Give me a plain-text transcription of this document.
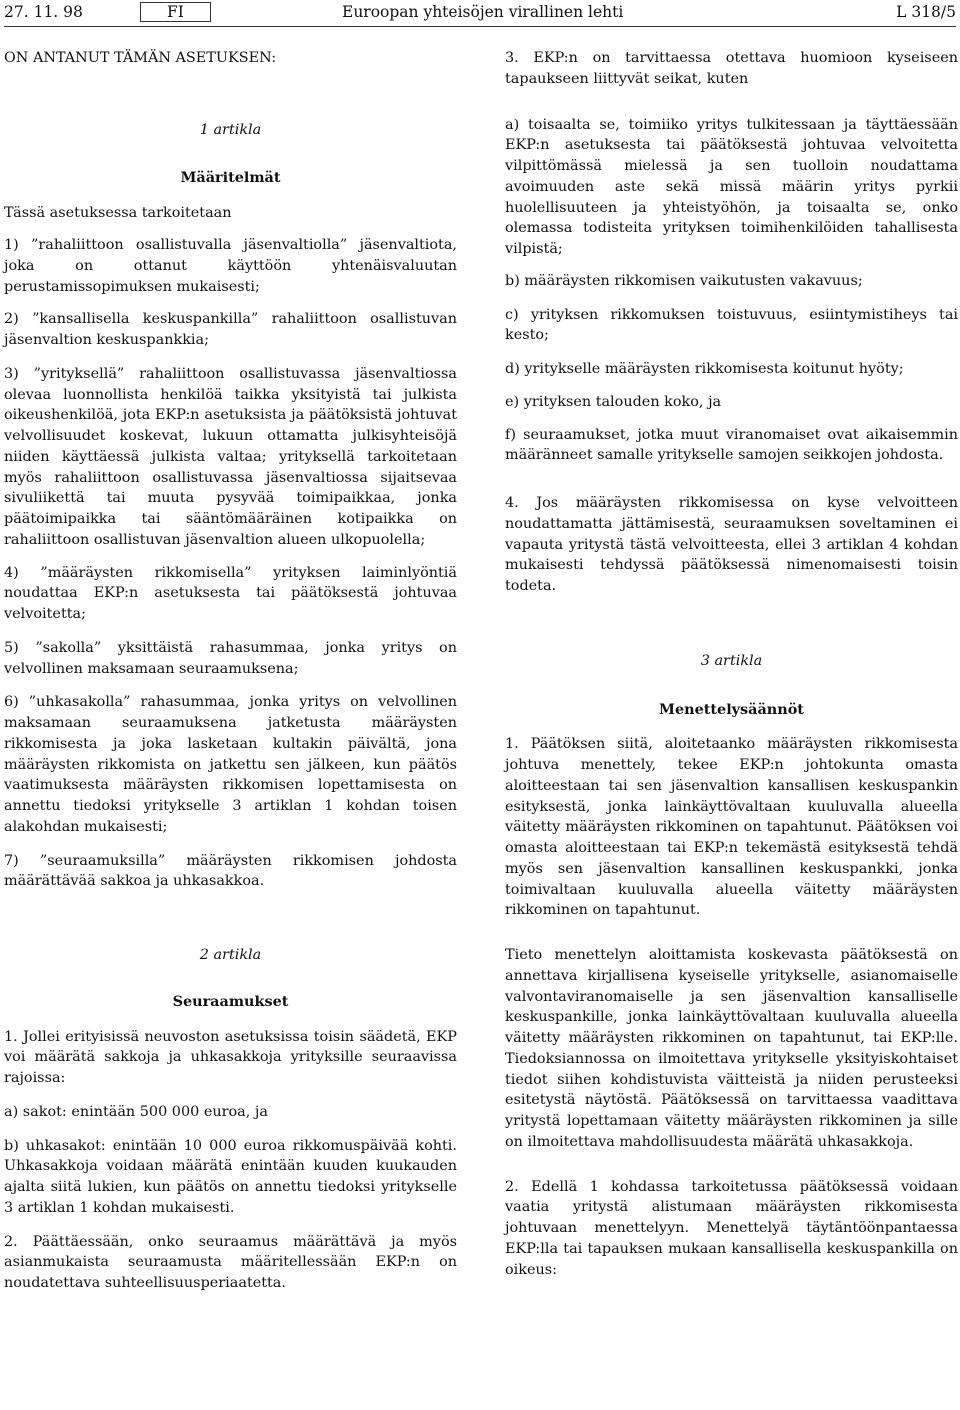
27. 11. 98	FI	Euroopan yhteisöjen virallinen lehti	L 318/5

ON ANTANUT TÄMÄN ASETUKSEN:

1 artikla

Määritelmät

Tässä asetuksessa tarkoitetaan

1) ”rahaliittoon osallistuvalla jäsenvaltiolla” jäsenvaltiota, joka on ottanut käyttöön yhtenäisvaluutan perustamissopimuksen mukaisesti;

2) ”kansallisella keskuspankilla” rahaliittoon osallistuvan jäsenvaltion keskuspankkia;

3) ”yrityksellä” rahaliittoon osallistuvassa jäsenvaltiossa olevaa luonnollista henkilöä taikka yksityistä tai julkista oikeushenkilöä, jota EKP:n asetuksista ja päätöksistä johtuvat velvollisuudet koskevat, lukuun ottamatta julkisyhteisöjä niiden käyttäessä julkista valtaa; yrityksellä tarkoitetaan myös rahaliittoon osallistuvassa jäsenvaltiossa sijaitsevaa sivuliikettä tai muuta pysyvää toimipaikkaa, jonka päätoimipaikka tai sääntömääräinen kotipaikka on rahaliittoon osallistuvan jäsenvaltion alueen ulkopuolella;

4) ”määräysten rikkomisella” yrityksen laiminlyöntiä noudattaa EKP:n asetuksesta tai päätöksestä johtuvaa velvoitetta;

5) ”sakolla” yksittäistä rahasummaa, jonka yritys on velvollinen maksamaan seuraamuksena;

6) ”uhkasakolla” rahasummaa, jonka yritys on velvollinen maksamaan seuraamuksena jatketusta määräysten rikkomisesta ja joka lasketaan kultakin päivältä, jona määräysten rikkomista on jatkettu sen jälkeen, kun päätös vaatimuksesta määräysten rikkomisen lopettamisesta on annettu tiedoksi yritykselle 3 artiklan 1 kohdan toisen alakohdan mukaisesti;

7) ”seuraamuksilla” määräysten rikkomisen johdosta määrättävää sakkoa ja uhkasakkoa.

2 artikla

Seuraamukset

1. Jollei erityisissä neuvoston asetuksissa toisin säädetä, EKP voi määrätä sakkoja ja uhkasakkoja yrityksille seuraavissa rajoissa:

a) sakot: enintään 500 000 euroa, ja

b) uhkasakot: enintään 10 000 euroa rikkomuspäivää kohti. Uhkasakkoja voidaan määrätä enintään kuuden kuukauden ajalta siitä lukien, kun päätös on annettu tiedoksi yritykselle 3 artiklan 1 kohdan mukaisesti.

2. Päättäessään, onko seuraamus määrättävä ja myös asianmukaista seuraamusta määritellessään EKP:n on noudatettava suhteellisuusperiaatetta.

3. EKP:n on tarvittaessa otettava huomioon kyseiseen tapaukseen liittyvät seikat, kuten

a) toisaalta se, toimiiko yritys tulkitessaan ja täyttäessään EKP:n asetuksesta tai päätöksestä johtuvaa velvoitetta vilpittömässä mielessä ja sen tuolloin noudattama avoimuuden aste sekä missä määrin yritys pyrkii huolellisuuteen ja yhteistyöhön, ja toisaalta se, onko olemassa todisteita yrityksen toimihenkilöiden tahallisesta vilpistä;

b) määräysten rikkomisen vaikutusten vakavuus;

c) yrityksen rikkomuksen toistuvuus, esiintymistiheys tai kesto;

d) yritykselle määräysten rikkomisesta koitunut hyöty;

e) yrityksen talouden koko, ja

f) seuraamukset, jotka muut viranomaiset ovat aikaisemmin määränneet samalle yritykselle samojen seikkojen johdosta.

4. Jos määräysten rikkomisessa on kyse velvoitteen noudattamatta jättämisestä, seuraamuksen soveltaminen ei vapauta yritystä tästä velvoitteesta, ellei 3 artiklan 4 kohdan mukaisesti tehdyssä päätöksessä nimenomaisesti toisin todeta.

3 artikla

Menettelysäännöt

1. Päätöksen siitä, aloitetaanko määräysten rikkomisesta johtuva menettely, tekee EKP:n johtokunta omasta aloitteestaan tai sen jäsenvaltion kansallisen keskuspankin esityksestä, jonka lainkäyttövaltaan kuuluvalla alueella väitetty määräysten rikkominen on tapahtunut. Päätöksen voi omasta aloitteestaan tai EKP:n tekemästä esityksestä tehdä myös sen jäsenvaltion kansallinen keskuspankki, jonka toimivaltaan kuuluvalla alueella väitetty määräysten rikkominen on tapahtunut.

Tieto menettelyn aloittamista koskevasta päätöksestä on annettava kirjallisena kyseiselle yritykselle, asianomaiselle valvontaviranomaiselle ja sen jäsenvaltion kansalliselle keskuspankille, jonka lainkäyttövaltaan kuuluvalla alueella väitetty määräysten rikkominen on tapahtunut, tai EKP:lle. Tiedoksiannossa on ilmoitettava yritykselle yksityiskohtaiset tiedot siihen kohdistuvista väitteistä ja niiden perusteeksi esitetystä näytöstä. Päätöksessä on tarvittaessa vaadittava yritystä lopettamaan väitetty määräysten rikkominen ja sille on ilmoitettava mahdollisuudesta määrätä uhkasakkoja.

2. Edellä 1 kohdassa tarkoitetussa päätöksessä voidaan vaatia yritystä alistumaan määräysten rikkomisesta johtuvaan menettelyyn. Menettelyä täytäntöönpantaessa EKP:lla tai tapauksen mukaan kansallisella keskuspankilla on oikeus:
